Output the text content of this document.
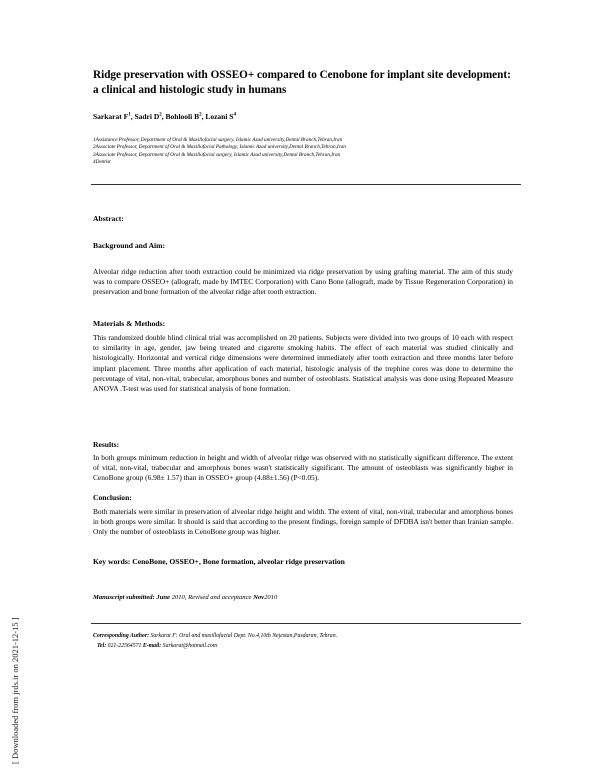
Ridge preservation with OSSEO+ compared to Cenobone for implant site development: a clinical and histologic study in humans
Sarkarat $F^1$, Sadri $D^2$, Bohlooli $B^2$, Lozani $S^4$
1Assistance Professor, Department of Oral & Maxillofacial surgery, Islamic Azad university,Dental Branch,Tehran,Iran
2Associate Professor, Department of Oral & Maxillofacial Pathology, Islamic Azad university,Dental Branch,Tehran,Iran
3Associate Professor, Department of Oral & Maxillofacial surgery, Islamic Azad university,Dental Branch,Tehran,Iran
4Dentist
Abstract:
Background and Aim:
Alveolar ridge reduction after tooth extraction could be minimized via ridge preservation by using grafting material. The aim of this study was to compare OSSEO+ (allograft, made by IMTEC Corporation) with Cano Bone (allograft, made by Tissue Regeneration Corporation) in preservation and bone formation of the alveolar ridge after tooth extraction.
Materials & Methods:
This randomized double blind clinical trial was accomplished on 20 patients. Subjects were divided into two groups of 10 each with respect to similarity in age, gender, jaw being treated and cigarette smoking habits. The effect of each material was studied clinically and histologically. Horizontal and vertical ridge dimensions were determined immediately after tooth extraction and three months later before implant placement. Three months after application of each material, histologic analysis of the trephine cores was done to determine the percentage of vital, non-vital, trabecular, amorphous bones and number of osteoblasts. Statistical analysis was done using Repeated Measure ANOVA .T-test was used for statistical analysis of bone formation.
Results:
In both groups minimum reduction in height and width of alveolar ridge was observed with no statistically significant difference. The extent of vital, non-vital, trabecular and amorphous bones wasn't statistically significant. The amount of osteoblasts was significantly higher in CenoBone group (6.98± 1.57) than in OSSEO+ group (4.88±1.56) (P<0.05).
Conclusion:
Both materials were similar in preservation of alveolar ridge height and width. The extent of vital, non-vital, trabecular and amorphous bones in both groups were similar. It should is said that according to the present findings, foreign sample of DFDBA isn't better than Iranian sample. Only the number of osteoblasts in CenoBone group was higher.
Key words: CenoBone, OSSEO+, Bone formation, alveolar ridge preservation
Manuscript submitted: June 2010, Revised and acceptance Nov2010
Corresponding Author: Sarkarat F: Oral and maxillofacial Dept. No.4,10th Nejestan,Pasdaran, Tehran.
Tel: 021-22564571 E-mail: Sarkarat@hotmail.com
[ Downloaded from jrds.ir on 2021-12-15 ]
